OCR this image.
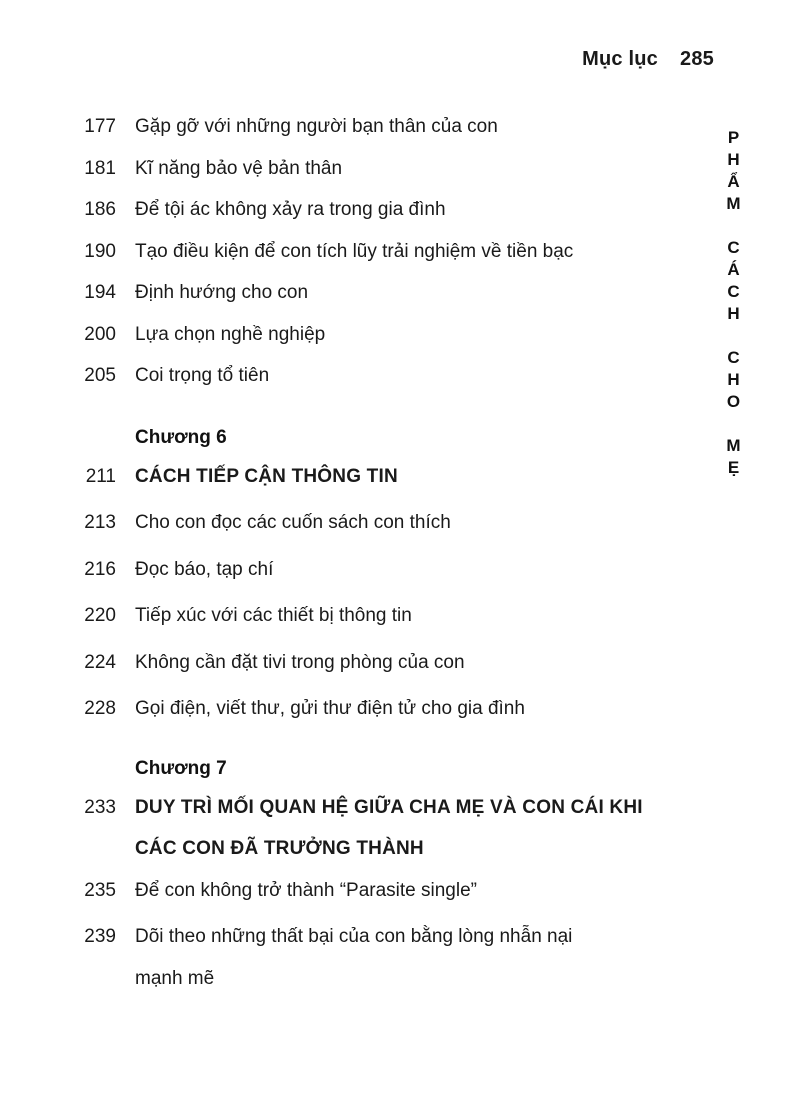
Mục lục 285
PHẨM CÁCH CHO MẸ
177	Gặp gỡ với những người bạn thân của con
181	Kĩ năng bảo vệ bản thân
186	Để tội ác không xảy ra trong gia đình
190	Tạo điều kiện để con tích lũy trải nghiệm về tiền bạc
194	Định hướng cho con
200	Lựa chọn nghề nghiệp
205	Coi trọng tổ tiên
Chương 6
211	CÁCH TIẾP CẬN THÔNG TIN
213	Cho con đọc các cuốn sách con thích
216	Đọc báo, tạp chí
220	Tiếp xúc với các thiết bị thông tin
224	Không cần đặt tivi trong phòng của con
228	Gọi điện, viết thư, gửi thư điện tử cho gia đình
Chương 7
233	DUY TRÌ MỐI QUAN HỆ GIỮA CHA MẸ VÀ CON CÁI KHI
CÁC CON ĐÃ TRƯỞNG THÀNH
235	Để con không trở thành “Parasite single”
239	Dõi theo những thất bại của con bằng lòng nhẫn nại
mạnh mẽ
